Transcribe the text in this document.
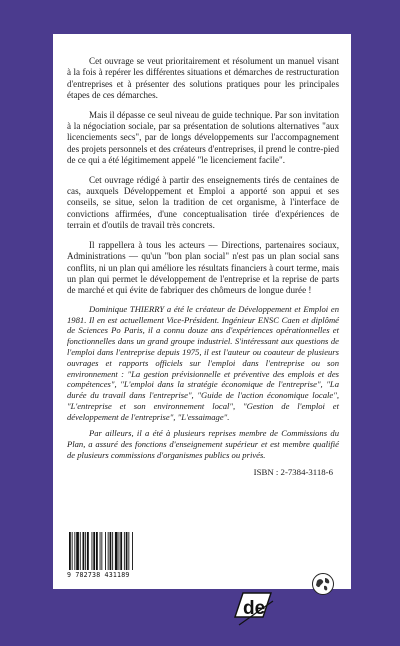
Cet ouvrage se veut prioritairement et résolument un manuel visant à la fois à repérer les différentes situations et démarches de restructuration d'entreprises et à présenter des solutions pratiques pour les principales étapes de ces démarches.

Mais il dépasse ce seul niveau de guide technique. Par son invitation à la négociation sociale, par sa présentation de solutions alternatives "aux licenciements secs", par de longs développements sur l'accompagnement des projets personnels et des créateurs d'entreprises, il prend le contre-pied de ce qui a été légitimement appelé "le licenciement facile".

Cet ouvrage rédigé à partir des enseignements tirés de centaines de cas, auxquels Développement et Emploi a apporté son appui et ses conseils, se situe, selon la tradition de cet organisme, à l'interface de convictions affirmées, d'une conceptualisation tirée d'expériences de terrain et d'outils de travail très concrets.

Il rappellera à tous les acteurs — Directions, partenaires sociaux, Administrations — qu'un "bon plan social" n'est pas un plan social sans conflits, ni un plan qui améliore les résultats financiers à court terme, mais un plan qui permet le développement de l'entreprise et la reprise de parts de marché et qui évite de fabriquer des chômeurs de longue durée !

Dominique THIERRY a été le créateur de Développement et Emploi en 1981. Il en est actuellement Vice-Président. Ingénieur ENSC Caen et diplômé de Sciences Po Paris, il a connu douze ans d'expériences opérationnelles et fonctionnelles dans un grand groupe industriel. S'intéressant aux questions de l'emploi dans l'entreprise depuis 1975, il est l'auteur ou coauteur de plusieurs ouvrages et rapports officiels sur l'emploi dans l'entreprise ou son environnement : "La gestion prévisionnelle et préventive des emplois et des compétences", "L'emploi dans la stratégie économique de l'entreprise", "La durée du travail dans l'entreprise", "Guide de l'action économique locale", "L'entreprise et son environnement local", "Gestion de l'emploi et développement de l'entreprise", "L'essaimage".

Par ailleurs, il a été à plusieurs reprises membre de Commissions du Plan, a assuré des fonctions d'enseignement supérieur et est membre qualifié de plusieurs commissions d'organismes publics ou privés.

ISBN : 2-7384-3118-6
9 782738 431189
de
